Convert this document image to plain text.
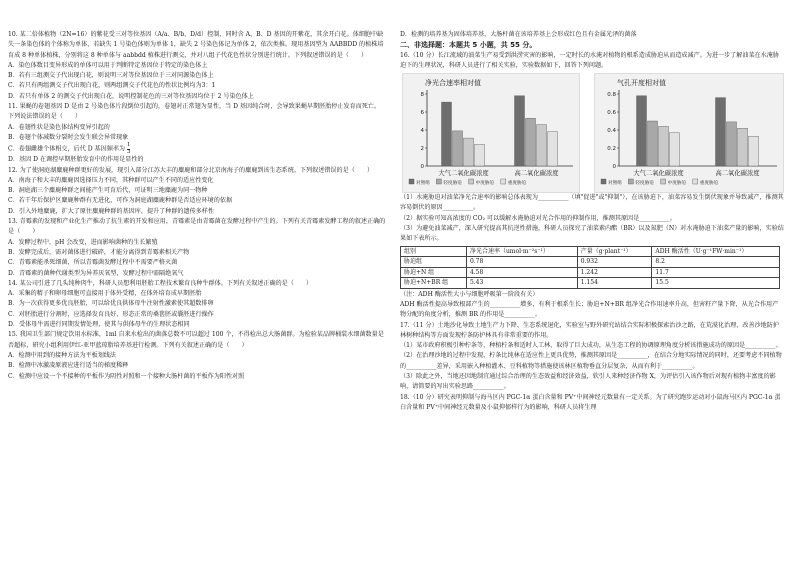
10. 某二倍体植物（2N=16）的紫花受三对等位基因（A/a、B/b、D/d）控制，同时含 A、B、D 基因的开紫花，其余开白花。体细胞中缺失一条染色体的个体称为单体，若缺失 1 号染色体则为单体 1，缺失 2 号染色体记为单体 2，依次类推。现用基因型为 AABBDD 的植株培育成 8 种单体植株，分别将这 8 种单体与 aabbdd 植株进行测交，并对八组子代花色性状分别进行统计。下列叙述错误的是（　　）

A．染色体数目变异形成的单体可以用于判断特定基因位于特定的染色体上

B．若有三组测交子代出现白花，则说明三对等位基因位于三对同源染色体上

C．若只有两组测交子代出现白花，则两组测交子代花色的性状比例均为3：1

D．若只有单体 2 的测交子代出现白花，说明控制花色的三对等位基因均位于 2 号染色体上

11. 果蝇的卷翅基因 D 是由 2 号染色体片段倒位引起的，卷翅对正常翅为显性，当 D 基因纯合时，会导致果蝇早期胚胎停止发育而死亡。下列说法错误的是（　　）

A．卷翅性状是染色体结构变异引起的

B．卷翅个体减数分裂时会发生联会异常现象

C．卷翅雌雄个体相交，后代 D 基因频率为 $\frac{1}{3}$

D．基因 D 在调控早期胚胎发育中的作用是显性的

12. 为了使洞庭湖麋鹿种群更好的发展，现引入部分江苏大丰的麋鹿和部分北京南海子的麋鹿到该生态系统。下列叙述错误的是（　　）

A．南海子和大丰的麋鹿因选择压力不同，其种群可以产生不同的适应性变化

B．洞庭湖三个麋鹿种群之间能产生可育后代，可证明三地麋鹿为同一物种

C．若干年后保护区麋鹿种群有无进化，可作为洞庭湖麋鹿种群是否适应环境的依据

D．引入外地麋鹿，扩大了原住麋鹿种群的基因库，提升了种群的遗传多样性

13. 青霉素的发现和产业化生产推动了抗生素的开发和应用，青霉素是由青霉菌在发酵过程中产生的。下列有关青霉素发酵工程的叙述正确的是（　　）

A．发酵过程中，pH 会改变，进而影响菌种的生长繁殖

B．发酵完成后，需对菌体进行破碎，才能分离得到青霉素相关产物

C．青霉素能杀死细菌，所以青霉菌发酵过程中不需要严格灭菌

D．青霉素的菌种代谢类型为异养厌氧型，发酵过程中需隔绝氧气

14. 某公司引进了几头纯种肉牛，科研人员想利用胚胎工程技术繁育良种牛群体。下列有关叙述正确的是（　　）

A．采集的精子和卵母细胞可直接用于体外受精，在体外培育成早期胚胎

B．为一次获得更多优良胚胎，可以给优良供体母牛注射性激素使其超数排卵

C．对胚胎进行分割时，应选择发育良好、形态正常的桑葚胚或囊胚进行操作

D．受体母牛需进行同期发情处理，使其与供体母牛的生理状态相同

15. 我国卫生部门规定饮用水标准，1ml 自来水检出的菌落总数不可以超过 100 个，不得检出总大肠菌群。为检验某品牌桶装水细菌数量是否超标，研究小组利用伊红-亚甲蓝琼脂培养基进行检测。下列有关叙述正确的是（　　）

A．检测中用到的接种方法为平板划线法

B．检测中冰激凌原液应进行适当的梯度稀释

C．检测中应设一个不接种的平板作为阴性对照和一个接种大肠杆菌的平板作为阳性对照

D．检测的培养基为固体培养基，大肠杆菌在该培养基上会形成红色且有金属光泽的菌落

二、非选择题：本题共 5 小题，共 55 分。

16.（10 分）长江流域的油菜生产易受到洪涝灾害的影响，一定时长的水淹对植物的根系造成胁迫从而造成减产。为进一步了解油菜在水淹胁迫下的生理状况，科研人员进行了相关实验，实验数据如下，回答下列问题。

净光合速率相对值
0
2
4
6
8
大气二氧化碳浓度	高二氧化碳浓度
对照组	轻度胁迫	中度胁迫	重度胁迫
气孔开度相对值
0
0.2
0.4
0.6
0.8
大气二氧化碳浓度	高二氧化碳浓度
对照组	轻度胁迫	中度胁迫	重度胁迫

（1）水淹胁迫对油菜净光合速率的影响总体表现为__________（填"促进"或"抑制"），在该胁迫下，油菜容易发生倒伏现象并导致减产，推测其容易倒伏的原因__________。

（2）据实验可知高浓度的 CO₂ 可以缓解水淹胁迫对光合作用的抑制作用，推测其原因是__________。

（3）为避免油菜减产，深入研究提高其抗逆性措施，科研人员探究了油菜素内酯（BR）以及氮肥（N）对水淹胁迫下油菜产量的影响，实验结果如下表所示。

组别	净光合速率（umol·m⁻²s⁻¹）	产量（g·plant⁻¹）	ADH 酶活性（U·g⁻¹FW·min⁻¹）
胁迫组	0.78	0.932	8.2
胁迫+N 组	4.58	1.242	11.7
胁迫+N+BR 组	5.43	1.154	15.5

（注：ADH 酶活性大小与细胞呼吸第一阶段有关）

ADH 酶活性提高导致根部产生的__________增多，有利于根系生长；胁迫+N+BR 组净光合作用速率升高，但害籽产量下降，从光合作用产物分配的角度分析，推测 BR 的作用是__________。

17.（11 分）土地沙化导致土地生产力下降、生态系统退化，实验室与野外研究站结合实际积极探索治沙之路，在荒漠化治理、改善沙地防护林树种结构等方面发现柠条防护林具有非常重要的作用。

（1）某市政府积极引种柠条等，种植柠条和适时人工林，取得了巨大成功，从生态工程的协调原理角度分析该措施成功的原因是__________。

（2）在治理沙地的过程中发现，柠条比纯林在适应性上更具优势，推测其原因是__________，在结合分地实际情况的同时，还要考虑不同植物的__________差异，采用嵌入种植灌木、豆科植物等措施使该林区植物垂直分层复杂，从而有利于__________。

（3）除此之外，当地还因地制宜通过综合治理的生态效益和经济效益，软引人来种经济作物 X，为评估引入该作物后对现有植物丰富度的影响，请简要的写出实验思路__________。

18.（10 分）研究表明抑制与海马区内 PGC-1α 蛋白含量和 PV⁺中间神经元数量有一定关系。为了研究跑步运动对小鼠海马区内 PGC-1α 蛋白含量和 PV⁺中间神经元数量及小鼠抑郁样行为的影响，科研人员将生理
